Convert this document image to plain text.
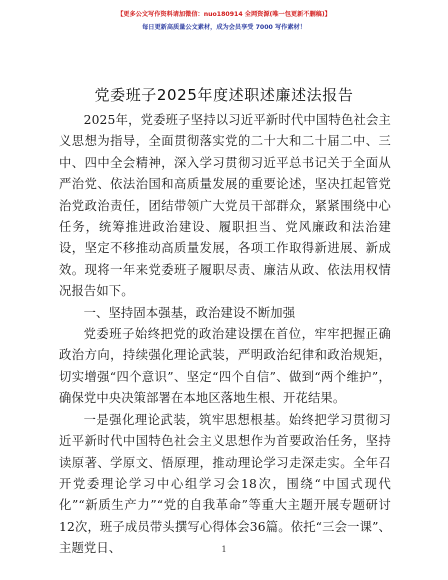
【更多公文写作资料请加微信：nuo180914 全网资源(唯一包更新不删稿)】
每日更新高质量公文素材，成为会员享受 7000 写作素材！
党委班子2025年度述职述廉述法报告

2025年，党委班子坚持以习近平新时代中国特色社会主义思想为指导，全面贯彻落实党的二十大和二十届二中、三中、四中全会精神，深入学习贯彻习近平总书记关于全面从严治党、依法治国和高质量发展的重要论述，坚决扛起管党治党政治责任，团结带领广大党员干部群众，紧紧围绕中心任务，统筹推进政治建设、履职担当、党风廉政和法治建设，坚定不移推动高质量发展，各项工作取得新进展、新成效。现将一年来党委班子履职尽责、廉洁从政、依法用权情况报告如下。

一、坚持固本强基，政治建设不断加强

党委班子始终把党的政治建设摆在首位，牢牢把握正确政治方向，持续强化理论武装，严明政治纪律和政治规矩，切实增强“四个意识”、坚定“四个自信”、做到“两个维护”，确保党中央决策部署在本地区落地生根、开花结果。

一是强化理论武装，筑牢思想根基。始终把学习贯彻习近平新时代中国特色社会主义思想作为首要政治任务，坚持读原著、学原文、悟原理，推动理论学习走深走实。全年召开党委理论学习中心组学习会18次，围绕“中国式现代化”“新质生产力”“党的自我革命”等重大主题开展专题研讨12次，班子成员带头撰写心得体会36篇。依托“三会一课”、主题党日、	1
